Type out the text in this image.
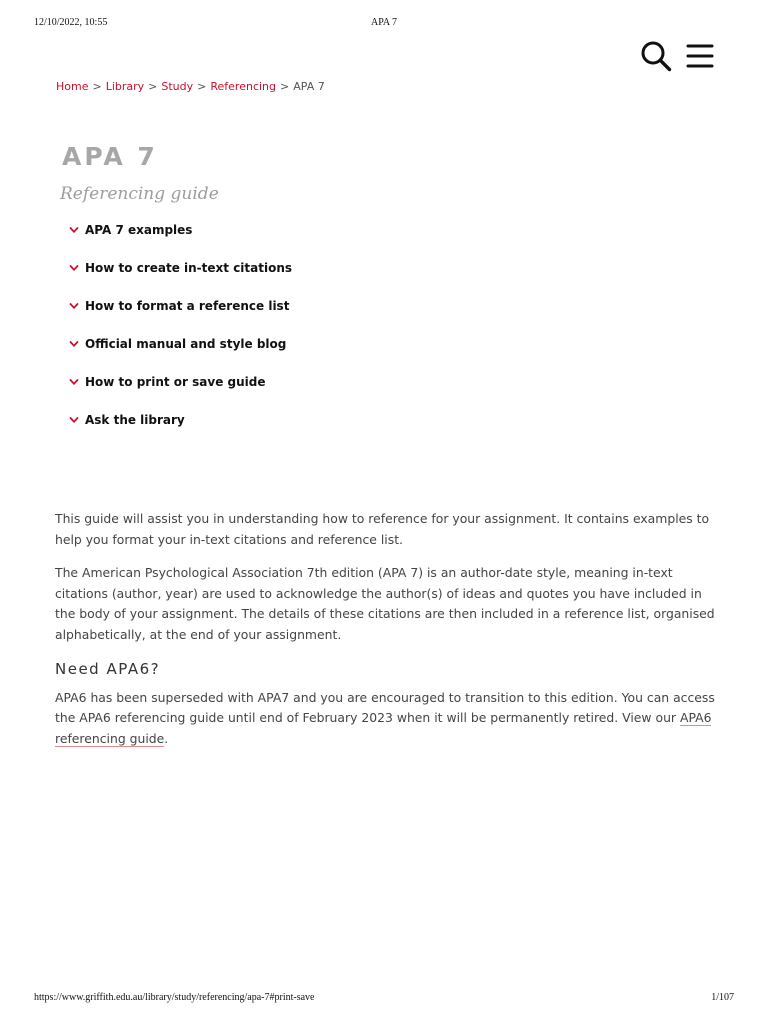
12/10/2022, 10:55	APA 7
Home > Library > Study > Referencing > APA 7
APA 7
Referencing guide
APA 7 examples
How to create in-text citations
How to format a reference list
Official manual and style blog
How to print or save guide
Ask the library

This guide will assist you in understanding how to reference for your assignment. It contains examples to help you format your in-text citations and reference list.

The American Psychological Association 7th edition (APA 7) is an author-date style, meaning in-text citations (author, year) are used to acknowledge the author(s) of ideas and quotes you have included in the body of your assignment. The details of these citations are then included in a reference list, organised alphabetically, at the end of your assignment.

Need APA6?

APA6 has been superseded with APA7 and you are encouraged to transition to this edition. You can access the APA6 referencing guide until end of February 2023 when it will be permanently retired. View our APA6 referencing guide.

https://www.griffith.edu.au/library/study/referencing/apa-7#print-save	1/107
